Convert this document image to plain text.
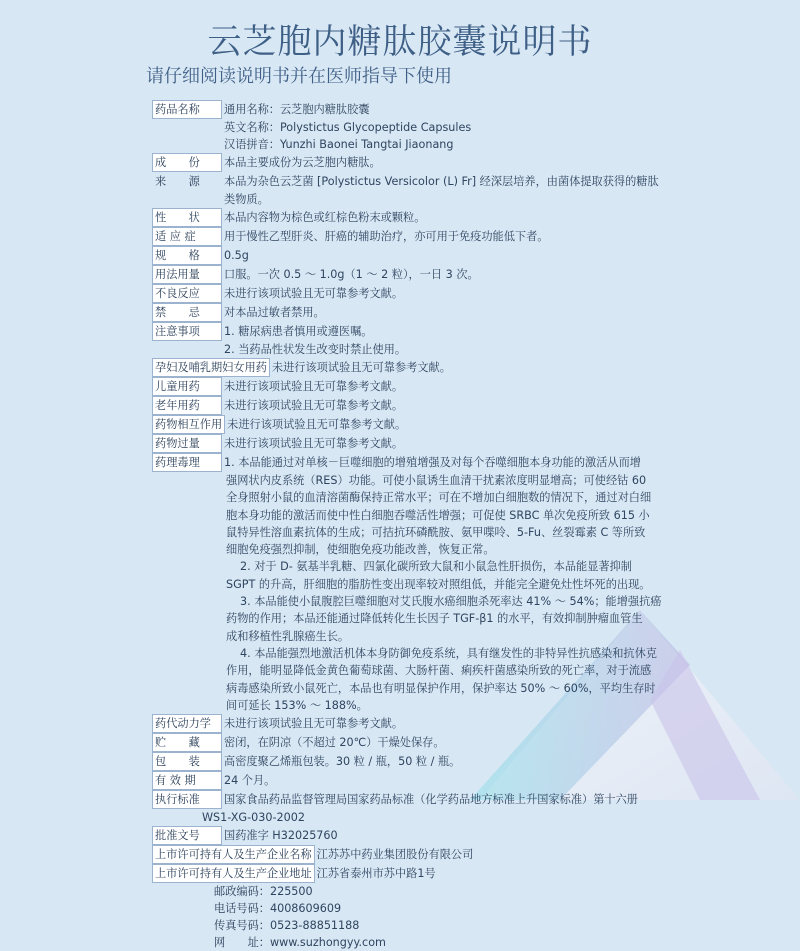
云芝胞内糖肽胶囊说明书
请仔细阅读说明书并在医师指导下使用
药品名称 通用名称：云芝胞内糖肽胶囊
英文名称：Polystictus Glycopeptide Capsules
汉语拼音：Yunzhi Baonei Tangtai Jiaonang
成　　份 本品主要成份为云芝胞内糖肽。
来　　源 本品为杂色云芝菌 [Polystictus Versicolor (L) Fr] 经深层培养，由菌体提取获得的糖肽
类物质。
性　　状 本品内容物为棕色或红棕色粉末或颗粒。
适 应 症	用于慢性乙型肝炎、肝癌的辅助治疗，亦可用于免疫功能低下者。
规　　格 0.5g
用法用量 口服。一次 0.5 ～ 1.0g（1 ～ 2 粒），一日 3 次。
不良反应 未进行该项试验且无可靠参考文献。
禁　　忌 对本品过敏者禁用。
注意事项 1. 糖尿病患者慎用或遵医嘱。
2. 当药品性状发生改变时禁止使用。
孕妇及哺乳期妇女用药 未进行该项试验且无可靠参考文献。
儿童用药 未进行该项试验且无可靠参考文献。
老年用药 未进行该项试验且无可靠参考文献。
药物相互作用 未进行该项试验且无可靠参考文献。
药物过量 未进行该项试验且无可靠参考文献。
药理毒理 1. 本品能通过对单核－巨噬细胞的增殖增强及对每个吞噬细胞本身功能的激活从而增
强网状内皮系统（RES）功能。可使小鼠诱生血清干扰素浓度明显增高；可使经钴 60
全身照射小鼠的血清溶菌酶保持正常水平；可在不增加白细胞数的情况下，通过对白细
胞本身功能的激活而使中性白细胞吞噬活性增强；可促使 SRBC 单次免疫所致 615 小
鼠特异性溶血素抗体的生成；可拮抗环磷酰胺、氨甲喋呤、5-Fu、丝裂霉素 C 等所致
细胞免疫强烈抑制，使细胞免疫功能改善，恢复正常。
2. 对于 D- 氨基半乳糖、四氯化碳所致大鼠和小鼠急性肝损伤，本品能显著抑制
SGPT 的升高，肝细胞的脂肪性变出现率较对照组低，并能完全避免灶性坏死的出现。
3. 本品能使小鼠腹腔巨噬细胞对艾氏腹水癌细胞杀死率达 41% ～ 54%；能增强抗癌
药物的作用；本品还能通过降低转化生长因子 TGF-β1 的水平，有效抑制肿瘤血管生
成和移植性乳腺癌生长。
4. 本品能强烈地激活机体本身防御免疫系统，具有继发性的非特异性抗感染和抗休克
作用，能明显降低金黄色葡萄球菌、大肠杆菌、痢疾杆菌感染所致的死亡率，对于流感
病毒感染所致小鼠死亡，本品也有明显保护作用，保护率达 50% ～ 60%，平均生存时
间可延长 153% ～ 188%。
药代动力学 未进行该项试验且无可靠参考文献。
贮　　藏 密闭，在阴凉（不超过 20℃）干燥处保存。
包　　装 高密度聚乙烯瓶包装。30 粒 / 瓶，50 粒 / 瓶。
有 效 期	24 个月。
执行标准 国家食品药品监督管理局国家药品标准（化学药品地方标准上升国家标准）第十六册
WS1-XG-030-2002
批准文号 国药准字 H32025760
上市许可持有人及生产企业名称 江苏苏中药业集团股份有限公司
上市许可持有人及生产企业地址 江苏省泰州市苏中路1号
邮政编码：225500
电话号码：4008609609
传真号码：0523-88851188
网　　址：www.suzhongyy.com
